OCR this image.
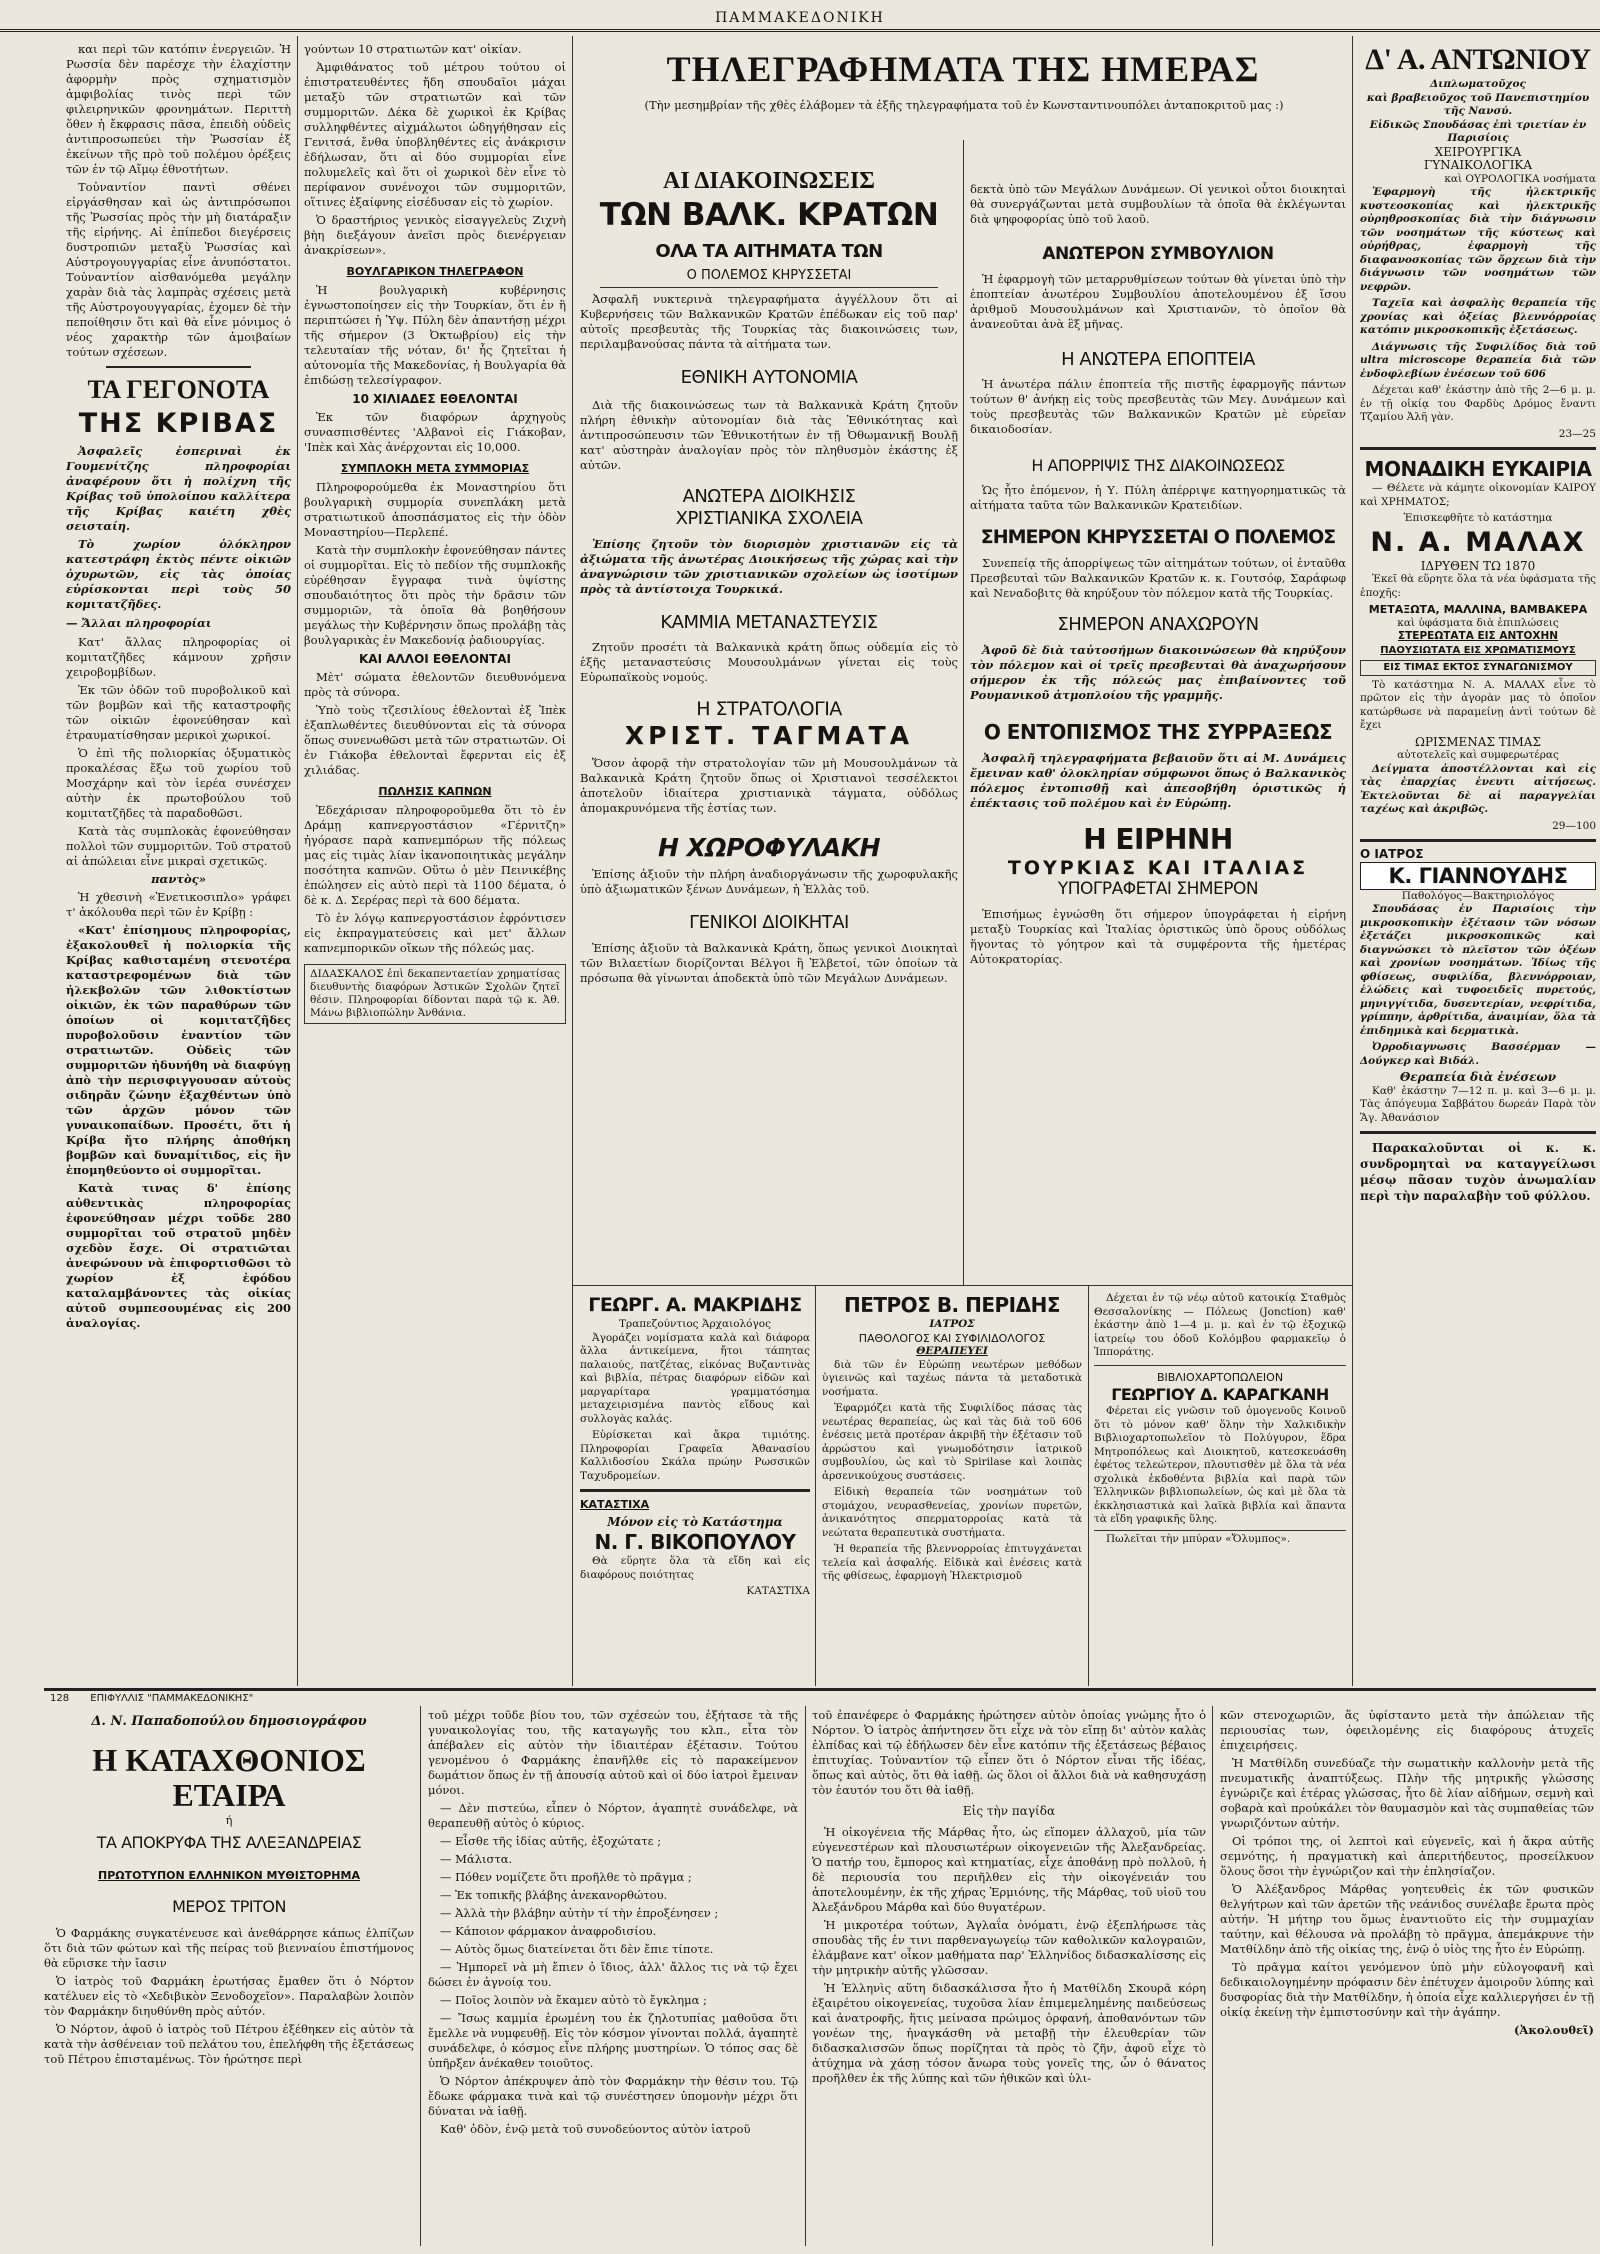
ΠΑΜΜΑΚΕΔΟΝΙΚΗ

και περὶ τῶν κατόπιν ἐνεργειῶν. Ἡ Ρωσσία δὲν παρέσχε τὴν ἐλαχίστην ἀφορμὴν πρὸς σχηματισμὸν ἀμφιβολίας τινὸς περὶ τῶν φιλειρηνικῶν φρονημάτων. Περιττὴ ὅθεν ἡ ἔκφρασις πᾶσα, ἐπειδὴ οὐδεὶς ἀντιπροσωπεύει τὴν Ῥωσσίαν ἐξ ἐκείνων τῆς πρὸ τοῦ πολέμου ὀρέξεις τῶν ἐν τῷ Αἴμῳ ἐθνοτήτων.

Τοὐναντίον παντὶ σθένει εἰργάσθησαν καὶ ὡς ἀντιπρόσωποι τῆς Ῥωσσίας πρὸς τὴν μὴ διατάραξιν τῆς εἰρήνης. Αἱ ἐπίπεδοι διεγέρσεις δυστροπιῶν μεταξὺ Ῥωσσίας καὶ Αὐστρογουγγαρίας εἶνε ἀνυπόστατοι. Τοὐναντίον αἰσθανόμεθα μεγάλην χαρὰν διὰ τὰς λαμπρὰς σχέσεις μετὰ τῆς Αὐστρογουγγαρίας, ἐχομεν δὲ τὴν πεποίθησιν ὅτι καὶ θὰ εἶνε μόνιμος ὁ νέος χαρακτὴρ τῶν ἀμοιβαίων τούτων σχέσεων.

ΤΑ ΓΕΓΟΝΟΤΑ
ΤΗΣ ΚΡΙΒΑΣ

Ἀσφαλεῖς ἐσπεριναὶ ἐκ Γουμενίτζης πληροφορίαι ἀναφέρουν ὅτι ἡ πολίχνη τῆς Κρίβας τοῦ ὑπολοίπου καλλίτερα τῆς Κρίβας καιέτη χθὲς σεισταίη.

Τὸ χωρίον ὁλόκληρον κατεστράφη ἐκτὸς πέντε οἰκιῶν ὀχυρωτῶν, εἰς τὰς ὁποίας εὑρίσκονται περὶ τοὺς 50 κομιτατζῆδες.

— Ἄλλαι πληροφορίαι

Κατ' ἄλλας πληροφορίας οἱ κομιτατζῆδες κάμνουν χρῆσιν χειροβομβίδων.

Ἐκ τῶν ὀδῶν τοῦ πυροβολικοῦ καὶ τῶν βομβῶν καὶ τῆς καταστροφῆς τῶν οἰκιῶν ἐφονεύθησαν καὶ ἐτραυματίσθησαν μερικοὶ χωρικοί.

Ὁ ἐπὶ τῆς πολιορκίας ὀξυματικὸς προκαλέσας ἔξω τοῦ χωρίου τοῦ Μοσχάρην καὶ τὸν ἱερέα συνέσχεν αὐτὴν ἐκ πρωτοβούλου τοῦ κομιτατζῆδες τὰ παραδοθῶσι.

Κατὰ τὰς συμπλοκὰς ἐφονεύθησαν πολλοὶ τῶν συμμοριτῶν. Τοῦ στρατοῦ αἱ ἀπώλειαι εἶνε μικραὶ σχετικῶς.

παντὸς»

Ἡ χθεσινὴ «Ἐνετικοσιπλο» γράφει τ' ἀκόλουθα περὶ τῶν ἐν Κρίβῃ :

«Κατ' ἐπίσημους πληροφορίας, ἐξακολουθεῖ ἡ πολιορκία τῆς Κρίβας καθισταμένη στενοτέρα καταστρεφομένων διὰ τῶν ἠλεκβολῶν τῶν λιθοκτίστων οἰκιῶν, ἐκ τῶν παραθύρων τῶν ὁποίων οἱ κομιτατζῆδες πυροβολοῦσιν ἐναντίον τῶν στρατιωτῶν. Οὐδεὶς τῶν συμμοριτῶν ἠδυνήθη νὰ διαφύγῃ ἀπὸ τὴν περισφιγγουσαν αὐτοὺς σιδηρᾶν ζώνην ἐξαχθέντων ὑπὸ τῶν ἀρχῶν μόνον τῶν γυναικοπαίδων. Προσέτι, ὅτι ἡ Κρίβα ἤτο πλήρης ἀποθήκη βομβῶν καὶ δυναμίτιδος, εἰς ἣν ἐπομηθεύοντο οἱ συμμορῖται.

Κατὰ τινας δ' ἐπίσης αὐθεντικὰς πληροφορίας ἐφονεύθησαν μέχρι τοῦδε 280 συμμορῖται τοῦ στρατοῦ μηδὲν σχεδὸν ἔσχε. Οἱ στρατιῶται ἀνεφώνουν νὰ ἐπιφορτισθῶσι τὸ χωρίον ἐξ ἐφόδου καταλαμβάνοντες τὰς οἰκίας αὐτοῦ συμπεσουμένας εἰς 200 ἀναλογίας.

γούντων 10 στρατιωτῶν κατ' οἰκίαν.

Ἀμφιθάνατος τοῦ μέτρου τούτου οἱ ἐπιστρατευθέντες ἤδη σπουδαῖοι μάχαι μεταξὺ τῶν στρατιωτῶν καὶ τῶν συμμοριτῶν. Δέκα δὲ χωρικοὶ ἐκ Κρίβας συλληφθέντες αἰχμάλωτοι ὡδηγήθησαν εἰς Γενιτσά, ἔνθα ὑποβληθέντες εἰς ἀνάκρισιν ἐδήλωσαν, ὅτι αἱ δύο συμμορίαι εἶνε πολυμελεῖς καὶ ὅτι οἱ χωρικοὶ δὲν εἶνε τὸ περίφανον συνένοχοι τῶν συμμοριτῶν, οἵτινες ἐξαίφνης εἰσέδυσαν εἰς τὸ χωρίον.

Ὁ δραστήριος γενικὸς εἰσαγγελεὺς Ζιχνὴ βὴη διεξάγουν ἀνεῖσι πρὸς διενέργειαν ἀνακρίσεων».

ΒΟΥΛΓΑΡΙΚΟΝ ΤΗΛΕΓΡΑΦΟΝ

Ἡ βουλγαρικὴ κυβέρνησις ἐγνωστοποίησεν εἰς τὴν Τουρκίαν, ὅτι ἐν ἣ περιπτώσει ἡ Ὑψ. Πύλη δὲν ἀπαντήσῃ μέχρι τῆς σήμερον (3 Ὀκτωβρίου) εἰς τὴν τελευταίαν τῆς νόταν, δι' ἧς ζητεῖται ἡ αὐτονομία τῆς Μακεδονίας, ἡ Βουλγαρία θὰ ἐπιδώσῃ τελεσίγραφον.

10 ΧΙΛΙΑΔΕΣ ΕΘΕΛΟΝΤΑΙ

Ἐκ τῶν διαφόρων ἀρχηγοὺς συνασπισθέντες 'Αλβανοὶ εἰς Γιάκοβαν, 'Ιπὲκ καὶ Χὰς ἀνέρχονται εἰς 10,000.

ΣΥΜΠΛΟΚΗ ΜΕΤΑ ΣΥΜΜΟΡΙΑΣ

Πληροφορούμεθα ἐκ Μοναστηρίου ὅτι βουλγαρικὴ συμμορία συνεπλάκη μετὰ στρατιωτικοῦ ἀποσπάσματος εἰς τὴν ὁδὸν Μοναστηρίου—Περλεπέ.

Κατὰ τὴν συμπλοκὴν ἐφονεύθησαν πάντες οἱ συμμορῖται. Εἰς τὸ πεδίον τῆς συμπλοκῆς εὑρέθησαν ἔγγραφα τινὰ ὑψίστης σπουδαιότητος ὅτι πρὸς τὴν δρᾶσιν τῶν συμμοριῶν, τὰ ὁποῖα θὰ βοηθήσουν μεγάλως τὴν Κυβέρνησιν ὅπως προλάβῃ τὰς βουλγαρικὰς ἐν Μακεδονίᾳ ῥαδιουργίας.

ΚΑΙ ΑΛΛΟΙ ΕΘΕΛΟΝΤΑΙ

Μὲτ' σώματα ἐθελοντῶν διευθυνόμενα πρὸς τὰ σύνορα.

Ὑπὸ τοὺς τζεσιλίους ἐθελονταὶ ἐξ Ἰπὲκ ἐξαπλωθέντες διευθύνονται εἰς τὰ σύνορα ὅπως συνενωθῶσι μετὰ τῶν στρατιωτῶν. Οἱ ἐν Γιάκοβα ἐθελονταὶ ἔφερνται εἰς ἐξ χιλιάδας.

ΠΩΛΗΣΙΣ ΚΑΠΝΩΝ

Ἐδεχάρισαν πληροφοροῦμεθα ὅτι τὸ ἐν Δράμῃ καπνεργοστάσιον «Γέρνιτζη» ἠγόρασε παρὰ καπνεμπόρων τῆς πόλεως μας εἰς τιμὰς λίαν ἱκανοποιητικὰς μεγάλην ποσότητα καπνῶν. Οὕτω ὁ μὲν Πεινικέβης ἐπώλησεν εἰς αὐτὸ περὶ τὰ 1100 δέματα, ὁ δὲ κ. Δ. Σερέρας περὶ τὰ 600 δέματα.

Τὸ ἐν λόγῳ καπνεργοστάσιον ἐφρόντισεν εἰς ἐκπραγματεύσεις καὶ μετ' ἄλλων καπνεμπορικῶν οἴκων τῆς πόλεώς μας.

ΔΙΔΑΣΚΑΛΟΣ ἐπὶ δεκαπενταετίαν χρηματίσας διευθυντὴς διαφόρων Ἀστικῶν Σχολῶν ζητεῖ θέσιν. Πληροφορίαι δίδονται παρὰ τῷ κ. Ἀθ. Μάνω βιβλιοπώλην Ἀνθάνια.
ΤΗΛΕΓΡΑΦΗΜΑΤΑ ΤΗΣ ΗΜΕΡΑΣ

(Τὴν μεσημβρίαν τῆς χθὲς ἐλάβομεν τὰ ἐξῆς τηλεγραφήματα τοῦ ἐν Κωνσταντινουπόλει ἀνταποκριτοῦ μας :)

ΑΙ ΔΙΑΚΟΙΝΩΣΕΙΣ
ΤΩΝ ΒΑΛΚ. ΚΡΑΤΩΝ
ΟΛΑ ΤΑ ΑΙΤΗΜΑΤΑ ΤΩΝ
Ο ΠΟΛΕΜΟΣ ΚΗΡΥΣΣΕΤΑΙ

Ἀσφαλῆ νυκτερινὰ τηλεγραφήματα ἀγγέλλουν ὅτι αἱ Κυβερνήσεις τῶν Βαλκανικῶν Κρατῶν ἐπέδωκαν εἰς τοῦ παρ' αὐτοῖς πρεσβευτὰς τῆς Τουρκίας τὰς διακοινώσεις των, περιλαμβανούσας πάντα τὰ αἰτήματα των.

ΕΘΝΙΚΗ ΑΥΤΟΝΟΜΙΑ

Διὰ τῆς διακοινώσεως των τὰ Βαλκανικὰ Κράτη ζητοῦν πλήρη ἐθνικὴν αὐτονομίαν διὰ τὰς Ἐθνικότητας καὶ ἀντιπροσώπευσιν τῶν Ἐθνικοτήτων ἐν τῇ Ὀθωμανικῇ Βουλῇ κατ' αὐστηρὰν ἀναλογίαν πρὸς τὸν πληθυσμὸν ἑκάστης ἐξ αὐτῶν.

ΑΝΩΤΕΡΑ ΔΙΟΙΚΗΣΙΣ
ΧΡΙΣΤΙΑΝΙΚΑ ΣΧΟΛΕΙΑ

Ἐπίσης ζητοῦν τὸν διορισμὸν χριστιανῶν εἰς τὰ ἀξιώματα τῆς ἀνωτέρας Διοικήσεως τῆς χώρας καὶ τὴν ἀναγνώρισιν τῶν χριστιανικῶν σχολείων ὡς ἰσοτίμων πρὸς τὰ ἀντίστοιχα Τουρκικά.

ΚΑΜΜΙΑ ΜΕΤΑΝΑΣΤΕΥΣΙΣ

Ζητοῦν προσέτι τὰ Βαλκανικὰ κράτη ὅπως οὐδεμία εἰς τὸ ἑξῆς μεταναστεύσις Μουσουλμάνων γίνεται εἰς τοὺς Εὐρωπαϊκοὺς νομούς.

Η ΣΤΡΑΤΟΛΟΓΙΑ
ΧΡΙΣΤ. ΤΑΓΜΑΤΑ

Ὅσον ἀφορᾷ τὴν στρατολογίαν τῶν μὴ Μουσουλμάνων τὰ Βαλκανικὰ Κράτη ζητοῦν ὅπως οἱ Χριστιανοὶ τεσσέλεκτοι ἀποτελοῦν ἰδιαίτερα χριστιανικὰ τάγματα, οὐδόλως ἀπομακρυνόμενα τῆς ἑστίας των.

Η ΧΩΡΟΦΥΛΑΚΗ

Ἐπίσης ἀξιοῦν τὴν πλήρη ἀναδιοργάνωσιν τῆς χωροφυλακῆς ὑπὸ ἀξιωματικῶν ξένων Δυνάμεων, ἡ Ἑλλὰς τοῦ.

ΓΕΝΙΚΟΙ ΔΙΟΙΚΗΤΑΙ

Ἐπίσης ἀξιοῦν τὰ Βαλκανικὰ Κράτη, ὅπως γενικοὶ Διοικηταὶ τῶν Βιλαετίων διορίζονται Βέλγοι ἢ Ἑλβετοί, τῶν ὁποίων τὰ πρόσωπα θὰ γίνωνται ἀποδεκτὰ ὑπὸ τῶν Μεγάλων Δυνάμεων.

δεκτὰ ὑπὸ τῶν Μεγάλων Δυνάμεων. Οἱ γενικοὶ οὗτοι διοικηταὶ θὰ συνεργάζωνται μετὰ συμβουλίων τὰ ὁποῖα θὰ ἐκλέγωνται διὰ ψηφοφορίας ὑπὸ τοῦ λαοῦ.

ΑΝΩΤΕΡΟΝ ΣΥΜΒΟΥΛΙΟΝ

Ἡ ἐφαρμογὴ τῶν μεταρρυθμίσεων τούτων θὰ γίνεται ὑπὸ τὴν ἐποπτείαν ἀνωτέρου Συμβουλίου ἀποτελουμένου ἐξ ἴσου ἀριθμοῦ Μουσουλμάνων καὶ Χριστιανῶν, τὸ ὁποῖον θὰ ἀνανεοῦται ἀνὰ ἓξ μῆνας.

Η ΑΝΩΤΕΡΑ ΕΠΟΠΤΕΙΑ

Ἡ ἀνωτέρα πάλιν ἐποπτεία τῆς πιστῆς ἐφαρμογῆς πάντων τούτων θ' ἀνήκῃ εἰς τοὺς πρεσβευτὰς τῶν Μεγ. Δυνάμεων καὶ τοὺς πρεσβευτὰς τῶν Βαλκανικῶν Κρατῶν μὲ εὐρεῖαν δικαιοδοσίαν.

Η ΑΠΟΡΡΙΨΙΣ ΤΗΣ ΔΙΑΚΟΙΝΩΣΕΩΣ

Ὡς ἦτο ἑπόμενον, ἡ Υ. Πύλη ἀπέρριψε κατηγορηματικῶς τὰ αἰτήματα ταῦτα τῶν Βαλκανικῶν Κρατειδίων.

ΣΗΜΕΡΟΝ ΚΗΡΥΣΣΕΤΑΙ Ο ΠΟΛΕΜΟΣ

Συνεπείᾳ τῆς ἀπορρίψεως τῶν αἰτημάτων τούτων, οἱ ἐνταῦθα Πρεσβευταὶ τῶν Βαλκανικῶν Κρατῶν κ. κ. Γουτσόφ, Σαράφωφ καὶ Νεναδοβιτς θὰ κηρύξουν τὸν πόλεμον κατὰ τῆς Τουρκίας.

ΣΗΜΕΡΟΝ ΑΝΑΧΩΡΟΥΝ

Ἀφοῦ δὲ διὰ ταὐτοσήμων διακοινώσεων θὰ κηρύξουν τὸν πόλεμον καὶ οἱ τρεῖς πρεσβευταὶ θὰ ἀναχωρήσουν σήμερον ἐκ τῆς πόλεώς μας ἐπιβαίνοντες τοῦ Ρουμανικοῦ ἀτμοπλοίου τῆς γραμμῆς.

Ο ΕΝΤΟΠΙΣΜΟΣ ΤΗΣ ΣΥΡΡΑΞΕΩΣ

Ἀσφαλῆ τηλεγραφήματα βεβαιοῦν ὅτι αἱ Μ. Δυνάμεις ἔμειναν καθ' ὁλοκληρίαν σύμφωνοι ὅπως ὁ Βαλκανικὸς πόλεμος ἐντοπισθῇ καὶ ἀπεσοβήθη ὁριστικῶς ἡ ἐπέκτασις τοῦ πολέμου καὶ ἐν Εὐρώπῃ.

Η ΕΙΡΗΝΗ
ΤΟΥΡΚΙΑΣ ΚΑΙ ΙΤΑΛΙΑΣ
ΥΠΟΓΡΑΦΕΤΑΙ ΣΗΜΕΡΟΝ

Ἐπισήμως ἐγνώσθη ὅτι σήμερον ὑπογράφεται ἡ εἰρήνη μεταξὺ Τουρκίας καὶ Ἰταλίας ὁριστικῶς ὑπὸ ὅρους οὐδόλως ἥγοντας τὸ γόητρον καὶ τὰ συμφέροντα τῆς ἡμετέρας Αὐτοκρατορίας.

Δ' Α. ΑΝΤΩΝΙΟΥ
Διπλωματοῦχος
καὶ βραβειοῦχος τοῦ Πανεπιστημίου τῆς Νανσύ.
Εἰδικῶς Σπουδάσας ἐπὶ τριετίαν ἐν Παρισίοις
ΧΕΙΡΟΥΡΓΙΚΑ
ΓΥΝΑΙΚΟΛΟΓΙΚΑ
καὶ ΟΥΡΟΛΟΓΙΚΑ νοσήματα

Ἐφαρμογὴ τῆς ἠλεκτρικῆς κυστεοσκοπίας καὶ ἠλεκτρικῆς οὐρηθροσκοπίας διὰ τὴν διάγνωσιν τῶν νοσημάτων τῆς κύστεως καὶ οὐρήθρας, ἐφαρμογὴ τῆς διαφανοσκοπίας τῶν ὄρχεων διὰ τὴν διάγνωσιν τῶν νοσημάτων τῶν νεφρῶν.

Ταχεῖα καὶ ἀσφαλὴς θεραπεία τῆς χρονίας καὶ ὀξείας βλεννόρροίας κατόπιν μικροσκοπικῆς ἐξετάσεως.

Διάγνωσις τῆς Συφιλίδος διὰ τοῦ ultra microscope θεραπεία διὰ τῶν ἐνδοφλεβίων ἐνέσεων τοῦ 606

Δέχεται καθ' ἑκάστην ἀπὸ τῆς 2—6 μ. μ. ἐν τῇ οἰκίᾳ του Φαρδὺς Δρόμος ἔναντι Τζαμίου Ἀλῆ γὰν.

23—25
ΜΟΝΑΔΙΚΗ ΕΥΚΑΙΡΙΑ

— Θέλετε νὰ κάμητε οἰκονομίαν ΚΑΙΡΟΥ καὶ ΧΡΗΜΑΤΟΣ;

Ἐπισκεφθῆτε τὸ κατάστημα
Ν. Α. ΜΑΛΑΧ
ΙΔΡΥΘΕΝ ΤΩ 1870

Ἐκεῖ θὰ εὕρητε ὅλα τὰ νέα ὑφάσματα τῆς ἐποχῆς:

ΜΕΤΑΞΩΤΑ, ΜΑΛΛΙΝΑ, ΒΑΜΒΑΚΕΡΑ
καὶ ὑφάσματα διὰ ἐπιπλώσεις
ΣΤΕΡΕΩΤΑΤΑ ΕΙΣ ΑΝΤΟΧΗΝ
ΠΑΟΥΣΙΩΤΑΤΑ ΕΙΣ ΧΡΩΜΑΤΙΣΜΟΥΣ
ΕΙΣ ΤΙΜΑΣ ΕΚΤΟΣ ΣΥΝΑΓΩΝΙΣΜΟΥ

Τὸ κατάστημα Ν. Α. ΜΑΛΑΧ εἶνε τὸ πρῶτον εἰς τὴν ἀγορὰν μας τὸ ὁποῖον κατώρθωσε νὰ παραμείνῃ ἀντὶ τούτων δὲ ἔχει

ΩΡΙΣΜΕΝΑΣ ΤΙΜΑΣ
αὐτοτελεῖς καὶ συμφερωτέρας

Δείγματα ἀποστέλλονται καὶ εἰς τὰς ἐπαρχίας ἐνευτι αἰτήσεως. Ἐκτελοῦνται δὲ αἱ παραγγελίαι ταχέως καὶ ἀκριβῶς.

29—100
Ο ΙΑΤΡΟΣ
Κ. ΓΙΑΝΝΟΥΔΗΣ
Παθολόγος—Βακτηριολόγος

Σπουδάσας ἐν Παρισίοις τὴν μικροσκοπικὴν ἐξέτασιν τῶν νόσων ἐξετάζει μικροσκοπικῶς καὶ διαγνώσκει τὸ πλεῖστον τῶν ὀξέων καὶ χρονίων νοσημάτων. Ἰδίως τῆς φθίσεως, συφιλίδα, βλεννόρροιαν, ἑλώδεις καὶ τυφοειδεῖς πυρετούς, μηνιγγίτιδα, δυσεντερίαν, νεφρίτιδα, γρίππην, ἀρθρίτιδα, ἀναιμίαν, ὅλα τὰ ἐπιδημικὰ καὶ δερματικὰ.

Ὀρροδιαγνωσις Βασσέρμαν — Δούγκερ καὶ Βιδάλ.

Θεραπεία διὰ ἐνέσεων

Καθ' ἑκάστην 7—12 π. μ. καὶ 3—6 μ. μ. Τὰς ἀπόγευμα Σαββάτου δωρεάν Παρὰ τὸν Ἅγ. Ἀθανάσιον

Παρακαλοῦνται οἱ κ. κ. συνδρομηταὶ να καταγγείλωσι μέσῳ πᾶσαν τυχὸν ἀνωμαλίαν περὶ τὴν παραλαβὴν τοῦ φύλλου.

ΓΕΩΡΓ. Α. ΜΑΚΡΙΔΗΣ
Τραπεζούντιος Ἀρχαιολόγος

Ἀγοράζει νομίσματα καλὰ καὶ διάφορα ἄλλα ἀντικείμενα, ἤτοι τάπητας παλαιούς, πατζέτας, εἰκόνας Βυζαντινὰς καὶ βιβλία, πέτρας διαφόρων εἰδῶν καὶ μαργαρίταρα γραμματόσημα μεταχειρισμένα παντὸς εἴδους καὶ συλλογὰς καλάς.

Εὑρίσκεται καὶ ἄκρα τιμιότης. Πληροφορίαι Γραφεῖα Ἀθανασίου Καλλιδοσίου Σκάλα πρώην Ρωσσικῶν Ταχυδρομείων.

ΚΑΤΑΣΤΙΧΑ
Μόνον εἰς τὸ Κατάστημα
Ν. Γ. ΒΙΚΟΠΟΥΛΟΥ

Θὰ εὕρητε ὅλα τὰ εἴδη καὶ εἰς διαφόρους ποιότητας

ΚΑΤΑΣΤΙΧΑ
ΠΕΤΡΟΣ Β. ΠΕΡΙΔΗΣ
ΙΑΤΡΟΣ
ΠΑΘΟΛΟΓΟΣ ΚΑΙ ΣΥΦΙΛΙΔΟΛΟΓΟΣ
ΘΕΡΑΠΕΥΕΙ

διὰ τῶν ἐν Εὐρώπῃ νεωτέρων μεθόδων ὑγιεινῶς καὶ ταχέως πάντα τὰ μεταδοτικὰ νοσήματα.

Ἐφαρμόζει κατὰ τῆς Συφιλίδος πάσας τὰς νεωτέρας θεραπείας, ὡς καὶ τὰς διὰ τοῦ 606 ἐνέσεις μετὰ προτέραν ἀκριβῆ τὴν ἐξέτασιν τοῦ ἀρρώστου καὶ γνωμοδότησιν ἰατρικοῦ συμβουλίου, ὡς καὶ τὸ Spirilase καὶ λοιπὰς ἀρσενικούχους συστάσεις.

Εἰδικὴ θεραπεία τῶν νοσημάτων τοῦ στομάχου, νευρασθενείας, χρονίων πυρετῶν, ἀνικανότητος σπερματορροίας κατὰ τὰ νεώτατα θεραπευτικὰ συστήματα.

Ἡ θεραπεία τῆς βλεννορροίας ἐπιτυγχάνεται τελεία καὶ ἀσφαλής. Εἰδικὰ καὶ ἐνέσεις κατὰ τῆς φθίσεως, ἐφαρμογὴ Ἠλεκτρισμοῦ

Δέχεται ἐν τῷ νέῳ αὐτοῦ κατοικίᾳ Σταθμὸς Θεσσαλονίκης — Πόλεως (Jonction) καθ' ἑκάστην ἀπὸ 1—4 μ. μ. καὶ ἐν τῷ ἐξοχικῷ ἰατρείῳ του ὁδοῦ Κολόμβου φαρμακεῖῳ ὁ Ἱπποράτης.

ΒΙΒΛΙΟΧΑΡΤΟΠΩΛΕΙΟΝ
ΓΕΩΡΓΙΟΥ Δ. ΚΑΡΑΓΚΑΝΗ

Φέρεται εἰς γνῶσιν τοῦ ὁμογενοῦς Κοινοῦ ὅτι τὸ μόνον καθ' ὅλην τὴν Χαλκιδικὴν Βιβλιοχαρτοπωλεῖον τὸ Πολύγυρον, ἕδρα Μητροπόλεως καὶ Διοικητοῦ, κατεσκευάσθη ἐφέτος τελεώτερον, πλουτισθὲν μὲ ὅλα τὰ νέα σχολικὰ ἐκδοθέντα βιβλία καὶ παρὰ τῶν Ἑλληνικῶν βιβλιοπωλείων, ὡς καὶ μὲ ὅλα τὰ ἐκκλησιαστικὰ καὶ λαϊκὰ βιβλία καὶ ἅπαντα τὰ εἴδη γραφικῆς ὕλης.

Πωλεῖται τὴν μπύραν «Ὄλυμπος».

128 ΕΠΙΦΥΛΛΙΣ "ΠΑΜΜΑΚΕΔΟΝΙΚΗΣ"
Δ. Ν. Παπαδοπούλου δημοσιογράφου
Η ΚΑΤΑΧΘΟΝΙΟΣ ΕΤΑΙΡΑ
ή
ΤΑ ΑΠΟΚΡΥΦΑ ΤΗΣ ΑΛΕΞΑΝΔΡΕΙΑΣ
ΠΡΩΤΟΤΥΠΟΝ ΕΛΛΗΝΙΚΟΝ ΜΥΘΙΣΤΟΡΗΜΑ
ΜΕΡΟΣ ΤΡΙΤΟΝ

Ὁ Φαρμάκης συγκατένευσε καὶ ἀνεθάρρησε κάπως ἐλπίζων ὅτι διὰ τῶν φώτων καὶ τῆς πείρας τοῦ βιενναίου ἐπιστήμονος θὰ εὕρισκε τὴν ἴασιν

Ὁ ἰατρὸς τοῦ Φαρμάκη ἐρωτήσας ἔμαθεν ὅτι ὁ Νόρτον κατέλυεν εἰς τὸ «Χεδιβικὸν Ξενοδοχεῖον». Παραλαβὼν λοιπὸν τὸν Φαρμάκην διηυθύνθη πρὸς αὐτόν.

Ὁ Νόρτον, ἀφοῦ ὁ ἰατρὸς τοῦ Πέτρου ἐξέθηκεν εἰς αὐτὸν τὰ κατὰ τὴν ἀσθένειαν τοῦ πελάτου του, ἐπελήφθη τῆς ἐξετάσεως τοῦ Πέτρου ἐπισταμένως. Τὸν ἠρώτησε περὶ

τοῦ μέχρι τοῦδε βίου του, τῶν σχέσεών του, ἐξήτασε τὰ τῆς γυναικολογίας του, τῆς καταγωγῆς του κλπ., εἶτα τὸν ἀπέβαλεν εἰς αὐτὸν τὴν ἰδιαιτέραν ἐξέτασιν. Τούτου γενομένου ὁ Φαρμάκης ἐπανῆλθε εἰς τὸ παρακείμενον δωμάτιον ὅπως ἐν τῇ ἀπουσίᾳ αὐτοῦ καὶ οἱ δύο ἰατροὶ ἔμειναν μόνοι.

— Δὲν πιστεύω, εἶπεν ὁ Νόρτον, ἀγαπητὲ συνάδελφε, νὰ θεραπευθῇ αὐτὸς ὁ κύριος.

— Εἶσθε τῆς ἰδίας αὐτῆς, ἐξοχώτατε ;

— Μάλιστα.

— Πόθεν νομίζετε ὅτι προῆλθε τὸ πρᾶγμα ;

— Ἐκ τοπικῆς βλάβης ἀνεκανορθώτου.

— Ἀλλὰ τὴν βλάβην αὐτὴν τί τὴν ἐπροξένησεν ;

— Κάποιον φάρμακον ἀναφροδισίου.

— Αὐτὸς ὅμως διατείνεται ὅτι δὲν ἔπιε τίποτε.

— Ἠμπορεῖ νὰ μὴ ἔπιεν ὁ ἴδιος, ἀλλ' ἄλλος τις νὰ τῷ ἔχει δώσει ἐν ἀγνοίᾳ του.

— Ποῖος λοιπὸν νὰ ἔκαμεν αὐτὸ τὸ ἔγκλημα ;

— Ἴσως καμμία ἐρωμένη του ἐκ ζηλοτυπίας μαθοῦσα ὅτι ἔμελλε νὰ νυμφευθῇ. Εἰς τὸν κόσμον γίνονται πολλά, ἀγαπητὲ συνάδελφε, ὁ κόσμος εἶνε πλήρης μυστηρίων. Ὁ τόπος σας δὲ ὑπῆρξεν ἀνέκαθεν τοιοῦτος.

Ὁ Νόρτον ἀπέκρυψεν ἀπὸ τὸν Φαρμάκην τὴν θέσιν του. Τῷ ἔδωκε φάρμακα τινὰ καὶ τῷ συνέστησεν ὑπομονὴν μέχρι ὅτι δύναται νὰ ἰαθῇ.

Καθ' ὁδὸν, ἐνῷ μετὰ τοῦ συνοδεύοντος αὐτὸν ἰατροῦ

τοῦ ἐπανέφερε ὁ Φαρμάκης ἠρώτησεν αὐτὸν ὁποίας γνώμης ἦτο ὁ Νόρτον. Ὁ ἰατρὸς ἀπήντησεν ὅτι εἶχε νὰ τὸν εἴπῃ δι' αὐτὸν καλὰς ἐλπίδας καὶ τῷ ἐδήλωσεν δὲν εἶνε κατόπιν τῆς ἐξετάσεως βέβαιος ἐπιτυχίας. Τοὐναντίον τῷ εἶπεν ὅτι ὁ Νόρτον εἶναι τῆς ἰδέας, ὅπως καὶ αὐτὸς, ὅτι θὰ ἰαθῇ. ὡς ὅλοι οἱ ἄλλοι διὰ νὰ καθησυχάσῃ τὸν ἑαυτόν του ὅτι θὰ ἰαθῇ.

Εἰς τὴν παγίδα

Ἡ οἰκογένεια τῆς Μάρθας ἦτο, ὡς εἴπομεν ἀλλαχοῦ, μία τῶν εὐγενεστέρων καὶ πλουσιωτέρων οἰκογενειῶν τῆς Ἀλεξανδρείας. Ὁ πατήρ του, ἔμπορος καὶ κτηματίας, εἶχε ἀποθάνῃ πρὸ πολλοῦ, ἡ δὲ περιουσία του περιῆλθεν εἰς τὴν οἰκογένειάν του ἀποτελουμένην, ἐκ τῆς χήρας Ἐρμιόνης, τῆς Μάρθας, τοῦ υἱοῦ του Ἀλεξάνδρου Μάρθα καὶ δύο θυγατέρων.

Ἡ μικροτέρα τούτων, Ἀγλαΐα ὀνόματι, ἐνῷ ἐξεπλήρωσε τὰς σπουδὰς τῆς ἐν τινι παρθεναγωγείῳ τῶν καθολικῶν καλογραιῶν, ἐλάμβανε κατ' οἶκον μαθήματα παρ' Ἑλληνίδος διδασκαλίσσης εἰς τὴν μητρικὴν αὐτῆς γλῶσσαν.

Ἡ Ἑλληνὶς αὕτη διδασκάλισσα ἦτο ἡ Ματθίλδη Σκουρᾶ κόρη ἐξαιρέτου οἰκογενείας, τυχοῦσα λίαν ἐπιμεμελημένης παιδεύσεως καὶ ἀνατροφῆς, ἥτις μείνασα πρώιμος ὀρφανή, ἀποθανόντων τῶν γονέων της, ἠναγκάσθη νὰ μεταβῇ τὴν ἐλευθερίαν τῶν διδασκαλισσῶν ὅπως πορίζηται τὰ πρὸς τὸ ζῆν, ἀφοῦ εἶχε τὸ ἀτύχημα νὰ χάσῃ τόσον ἄνωρα τοὺς γονεῖς της, ὧν ὁ θάνατος προῆλθεν ἐκ τῆς λύπης καὶ τῶν ἠθικῶν καὶ ὑλι-

κῶν στενοχωριῶν, ἅς ὑφίσταντο μετὰ τὴν ἀπώλειαν τῆς περιουσίας των, ὀφειλομένης εἰς διαφόρους ἀτυχεῖς ἐπιχειρήσεις.

Ἡ Ματθίλδη συνεδύαζε τὴν σωματικὴν καλλονὴν μετὰ τῆς πνευματικῆς ἀναπτύξεως. Πλὴν τῆς μητρικῆς γλώσσης ἐγνώριζε καὶ ἑτέρας γλώσσας, ἦτο δὲ λίαν αἰδήμων, σεμνὴ καὶ σοβαρὰ καὶ προὐκάλει τὸν θαυμασμὸν καὶ τὰς συμπαθείας τῶν γνωριζόντων αὐτήν.

Οἱ τρόποι της, οἱ λεπτοὶ καὶ εὐγενεῖς, καὶ ἡ ἄκρα αὐτῆς σεμνότης, ἡ πραγματικὴ καὶ ἀπεριτήδευτος, προσείλκυον ὅλους ὅσοι τὴν ἐγνώριζον καὶ τὴν ἐπλησίαζον.

Ὁ Ἀλέξανδρος Μάρθας γοητευθεὶς ἐκ τῶν φυσικῶν θελγήτρων καὶ τῶν ἀρετῶν τῆς νεάνιδος συνέλαβε ἔρωτα πρὸς αὐτήν. Ἡ μήτηρ του ὅμως ἐναντιοῦτο εἰς τὴν συμμαχίαν ταύτην, καὶ θέλουσα νὰ προλάβῃ τὸ πρᾶγμα, ἀπεμάκρυνε τὴν Ματθίλδην ἀπὸ τῆς οἰκίας της, ἐνῷ ὁ υἱὸς της ἦτο ἐν Εὐρώπῃ.

Τὸ πρᾶγμα καίτοι γενόμενον ὑπὸ μὴν εὐλογοφανῆ καὶ δεδικαιολογημένην πρόφασιν δὲν ἐπέτυχεν ἁμοιροῦν λύπης καὶ δυσφορίας διὰ τὴν Ματθίλδην, ἡ ὁποία εἶχε καλλιεργήσει ἐν τῇ οἰκίᾳ ἐκείνῃ τὴν ἐμπιστοσύνην καὶ τὴν ἀγάπην.

(Ἀκολουθεῖ)
